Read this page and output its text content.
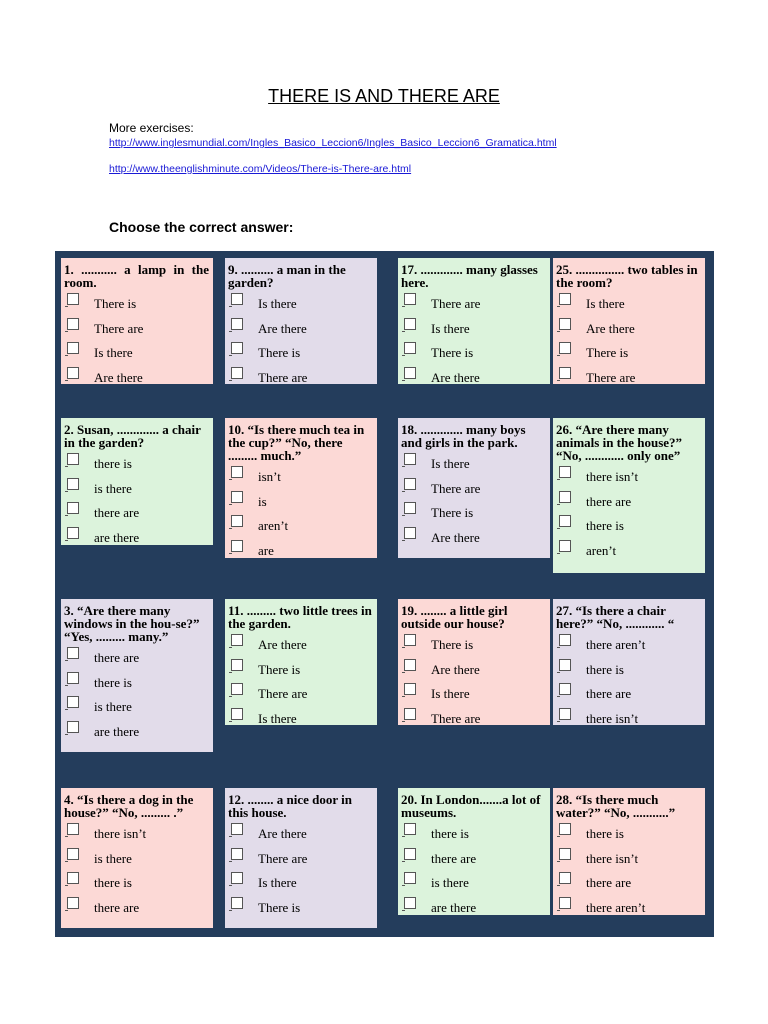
THERE IS AND THERE ARE
More exercises:
http://www.inglesmundial.com/Ingles_Basico_Leccion6/Ingles_Basico_Leccion6_Gramatica.html
http://www.theenglishminute.com/Videos/There-is-There-are.html
Choose the correct answer:
1. ........... a lamp in the room.
There is
There are
Is there
Are there
9. .......... a man in the garden?
Is there
Are there
There is
There are
17. ............. many glasses here.
There are
Is there
There is
Are there
25. ............... two tables in the room?
Is there
Are there
There is
There are
2. Susan, ............. a chair in the garden?
there is
is there
there are
are there
10. “Is there much tea in the cup?” “No, there ......... much.”
isn’t
is
aren’t
are
18. ............. many boys and girls in the park.
Is there
There are
There is
Are there
26. “Are there many animals in the house?” “No, ............ only one”
there isn’t
there are
there is
aren’t
3. “Are there many windows in the hou-se?”
“Yes, ......... many.”
there are
there is
is there
are there
11. ......... two little trees in the garden.
Are there
There is
There are
Is there
19. ........ a little girl outside our house?
There is
Are there
Is there
There are
27. “Is there a chair here?” “No, ............ “
there aren’t
there is
there are
there isn’t
4. “Is there a dog in the house?” “No, ......... .”
there isn’t
is there
there is
there are
12. ........ a nice door in this house.
Are there
There are
Is there
There is
20. In London.......a lot of museums.
there is
there are
is there
are there
28. “Is there much water?” “No, ...........”
there is
there isn’t
there are
there aren’t
